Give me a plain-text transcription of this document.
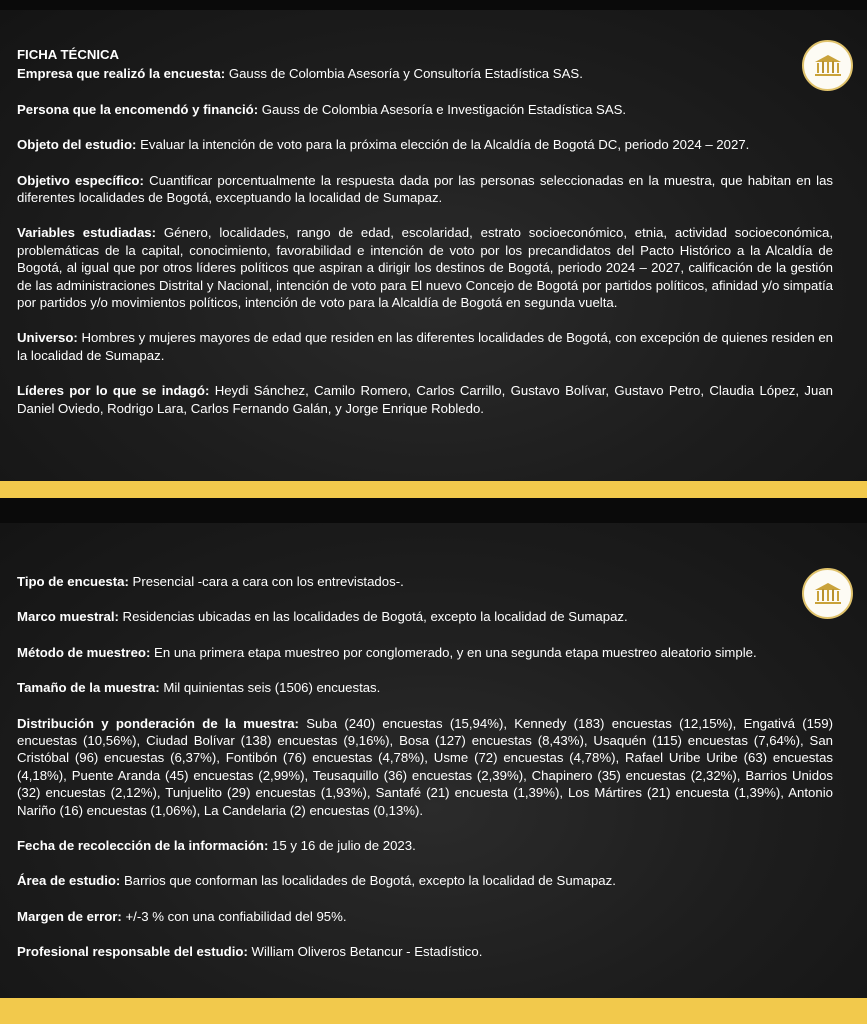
FICHA TÉCNICA

Empresa que realizó la encuesta: Gauss de Colombia Asesoría y Consultoría Estadística SAS.

Persona que la encomendó y financió: Gauss de Colombia Asesoría e Investigación Estadística SAS.

Objeto del estudio: Evaluar la intención de voto para la próxima elección de la Alcaldía de Bogotá DC, periodo 2024 – 2027.

Objetivo específico: Cuantificar porcentualmente la respuesta dada por las personas seleccionadas en la muestra, que habitan en las diferentes localidades de Bogotá, exceptuando la localidad de Sumapaz.

Variables estudiadas: Género, localidades, rango de edad, escolaridad, estrato socioeconómico, etnia, actividad socioeconómica, problemáticas de la capital, conocimiento, favorabilidad e intención de voto por los precandidatos del Pacto Histórico a la Alcaldía de Bogotá, al igual que por otros líderes políticos que aspiran a dirigir los destinos de Bogotá, periodo 2024 – 2027, calificación de la gestión de las administraciones Distrital y Nacional, intención de voto para El nuevo Concejo de Bogotá por partidos políticos, afinidad y/o simpatía por partidos y/o movimientos políticos, intención de voto para la Alcaldía de Bogotá en segunda vuelta.

Universo: Hombres y mujeres mayores de edad que residen en las diferentes localidades de Bogotá, con excepción de quienes residen en la localidad de Sumapaz.

Líderes por lo que se indagó: Heydi Sánchez, Camilo Romero, Carlos Carrillo, Gustavo Bolívar, Gustavo Petro, Claudia López, Juan Daniel Oviedo, Rodrigo Lara, Carlos Fernando Galán, y Jorge Enrique Robledo.

Tipo de encuesta: Presencial -cara a cara con los entrevistados-.

Marco muestral: Residencias ubicadas en las localidades de Bogotá, excepto la localidad de Sumapaz.

Método de muestreo: En una primera etapa muestreo por conglomerado, y en una segunda etapa muestreo aleatorio simple.

Tamaño de la muestra: Mil quinientas seis (1506) encuestas.

Distribución y ponderación de la muestra: Suba (240) encuestas (15,94%), Kennedy (183) encuestas (12,15%), Engativá (159) encuestas (10,56%), Ciudad Bolívar (138) encuestas (9,16%), Bosa (127) encuestas (8,43%), Usaquén (115) encuestas (7,64%), San Cristóbal (96) encuestas (6,37%), Fontibón (76) encuestas (4,78%), Usme (72) encuestas (4,78%), Rafael Uribe Uribe (63) encuestas (4,18%), Puente Aranda (45) encuestas (2,99%), Teusaquillo (36) encuestas (2,39%), Chapinero (35) encuestas (2,32%), Barrios Unidos (32) encuestas (2,12%), Tunjuelito (29) encuestas (1,93%), Santafé (21) encuesta (1,39%), Los Mártires (21) encuesta (1,39%), Antonio Nariño (16) encuestas (1,06%), La Candelaria (2) encuestas (0,13%).

Fecha de recolección de la información: 15 y 16 de julio de 2023.

Área de estudio: Barrios que conforman las localidades de Bogotá, excepto la localidad de Sumapaz.

Margen de error: +/-3 % con una confiabilidad del 95%.

Profesional responsable del estudio: William Oliveros Betancur - Estadístico.
